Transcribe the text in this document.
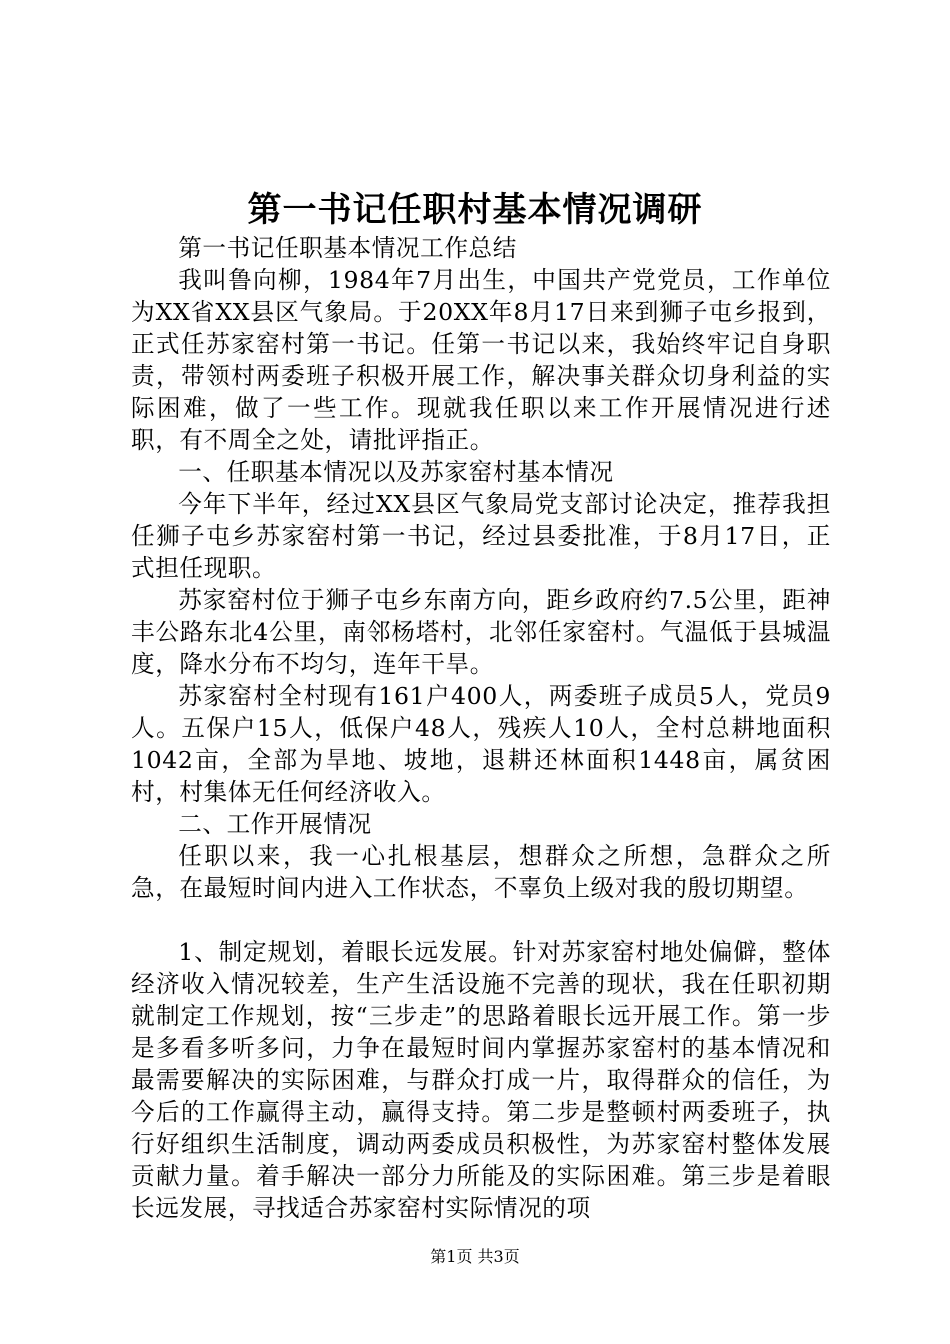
第一书记任职村基本情况调研

第一书记任职基本情况工作总结

我叫鲁向柳，1984年7月出生，中国共产党党员，工作单位为XX省XX县区气象局。于20XX年8月17日来到狮子屯乡报到，正式任苏家窑村第一书记。任第一书记以来，我始终牢记自身职责，带领村两委班子积极开展工作，解决事关群众切身利益的实际困难，做了一些工作。现就我任职以来工作开展情况进行述职，有不周全之处，请批评指正。

一、任职基本情况以及苏家窑村基本情况

今年下半年，经过XX县区气象局党支部讨论决定，推荐我担任狮子屯乡苏家窑村第一书记，经过县委批准，于8月17日，正式担任现职。

苏家窑村位于狮子屯乡东南方向，距乡政府约7.5公里，距神丰公路东北4公里，南邻杨塔村，北邻任家窑村。气温低于县城温度，降水分布不均匀，连年干旱。

苏家窑村全村现有161户400人，两委班子成员5人，党员9人。五保户15人，低保户48人，残疾人10人，全村总耕地面积1042亩，全部为旱地、坡地，退耕还林面积1448亩，属贫困村，村集体无任何经济收入。

二、工作开展情况

任职以来，我一心扎根基层，想群众之所想，急群众之所急，在最短时间内进入工作状态，不辜负上级对我的殷切期望。

1、制定规划，着眼长远发展。针对苏家窑村地处偏僻，整体经济收入情况较差，生产生活设施不完善的现状，我在任职初期就制定工作规划，按“三步走”的思路着眼长远开展工作。第一步是多看多听多问，力争在最短时间内掌握苏家窑村的基本情况和最需要解决的实际困难，与群众打成一片，取得群众的信任，为今后的工作赢得主动，赢得支持。第二步是整顿村两委班子，执行好组织生活制度，调动两委成员积极性，为苏家窑村整体发展贡献力量。着手解决一部分力所能及的实际困难。第三步是着眼长远发展，寻找适合苏家窑村实际情况的项

第1页 共3页
